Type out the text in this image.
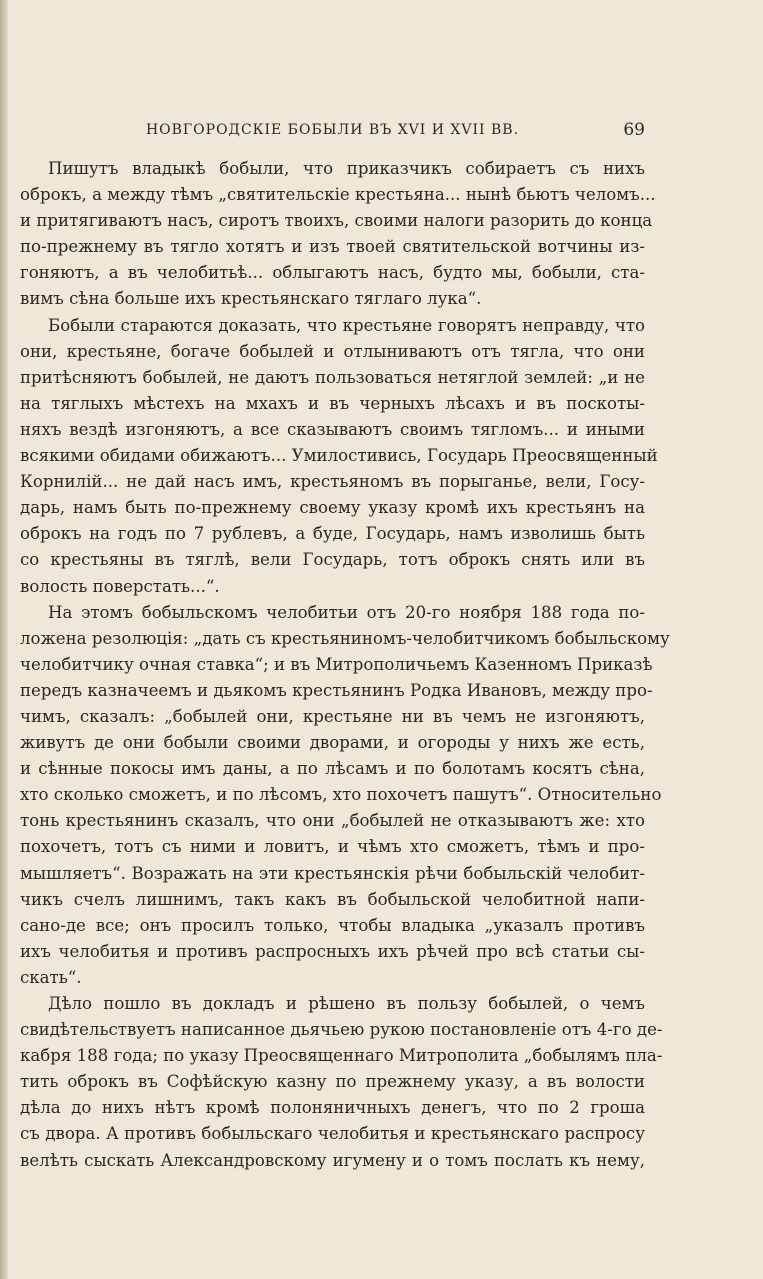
НОВГОРОДСКІЕ БОБЫЛИ ВЪ XVI И XVII ВВ.	69
Пишутъ владыкѣ бобыли, что приказчикъ собираетъ съ нихъ
оброкъ, а между тѣмъ „святительскіе крестьяна... нынѣ бьютъ челомъ...
и притягиваютъ насъ, сиротъ твоихъ, своими налоги разорить до конца
по-прежнему въ тягло хотятъ и изъ твоей святительской вотчины из-
гоняютъ, а въ челобитьѣ... облыгаютъ насъ, будто мы, бобыли, ста-
вимъ сѣна больше ихъ крестьянскаго тяглаго лука“.
Бобыли стараются доказать, что крестьяне говорятъ неправду, что
они, крестьяне, богаче бобылей и отлыниваютъ отъ тягла, что они
притѣсняютъ бобылей, не даютъ пользоваться нетяглой землей: „и не
на тяглыхъ мѣстехъ на мхахъ и въ черныхъ лѣсахъ и въ поскоты-
няхъ вездѣ изгоняютъ, а все сказываютъ своимъ тягломъ... и иными
всякими обидами обижаютъ... Умилостивись, Государь Преосвященный
Корнилій... не дай насъ имъ, крестьяномъ въ порыганье, вели, Госу-
дарь, намъ быть по-прежнему своему указу кромѣ ихъ крестьянъ на
оброкъ на годъ по 7 рублевъ, а буде, Государь, намъ изволишь быть
со крестьяны въ тяглѣ, вели Государь, тотъ оброкъ снять или въ
волость поверстать...“.
На этомъ бобыльскомъ челобитьи отъ 20-го ноября 188 года по-
ложена резолюція: „дать съ крестьяниномъ-челобитчикомъ бобыльскому
челобитчику очная ставка“; и въ Митрополичьемъ Казенномъ Приказѣ
передъ казначеемъ и дьякомъ крестьянинъ Родка Ивановъ, между про-
чимъ, сказалъ: „бобылей они, крестьяне ни въ чемъ не изгоняютъ,
живутъ де они бобыли своими дворами, и огороды у нихъ же есть,
и сѣнные покосы имъ даны, а по лѣсамъ и по болотамъ косятъ сѣна,
хто сколько сможетъ, и по лѣсомъ, хто похочетъ пашутъ“. Относительно
тонь крестьянинъ сказалъ, что они „бобылей не отказываютъ же: хто
похочетъ, тотъ съ ними и ловитъ, и чѣмъ хто сможетъ, тѣмъ и про-
мышляетъ“. Возражать на эти крестьянскія рѣчи бобыльскій челобит-
чикъ счелъ лишнимъ, такъ какъ въ бобыльской челобитной напи-
сано-де все; онъ просилъ только, чтобы владыка „указалъ противъ
ихъ челобитья и противъ распросныхъ ихъ рѣчей про всѣ статьи сы-
скать“.
Дѣло пошло въ докладъ и рѣшено въ пользу бобылей, о чемъ
свидѣтельствуетъ написанное дьячьею рукою постановленіе отъ 4-го де-
кабря 188 года; по указу Преосвященнаго Митрополита „бобылямъ пла-
тить оброкъ въ Софѣйскую казну по прежнему указу, а въ волости
дѣла до нихъ нѣтъ кромѣ полоняничныхъ денегъ, что по 2 гроша
съ двора. А противъ бобыльскаго челобитья и крестьянскаго распросу
велѣть сыскать Александровскому игумену и о томъ послать къ нему,
